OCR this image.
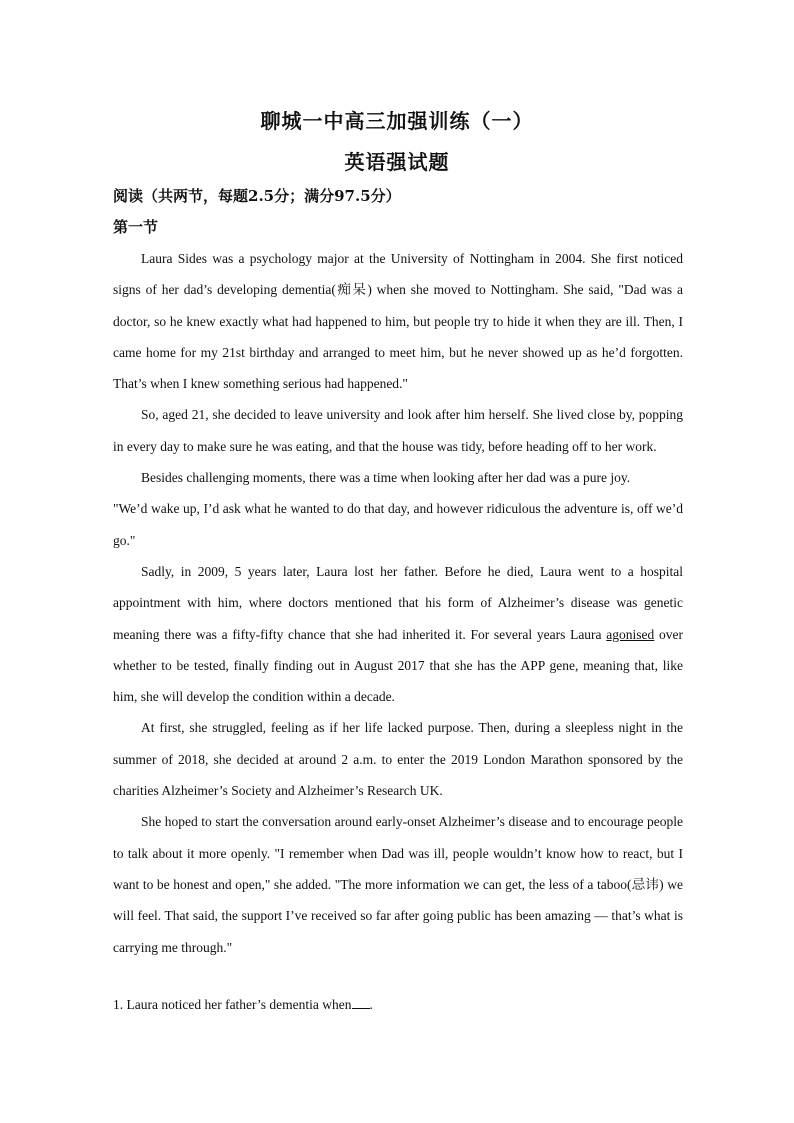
聊城一中高三加强训练（一）
英语强试题
阅读（共两节，每题2.5分；满分97.5分）
第一节

Laura Sides was a psychology major at the University of Nottingham in 2004. She first noticed signs of her dad’s developing dementia(痴呆) when she moved to Nottingham. She said, "Dad was a doctor, so he knew exactly what had happened to him, but people try to hide it when they are ill. Then, I came home for my 21st birthday and arranged to meet him, but he never showed up as he’d forgotten. That’s when I knew something serious had happened."

So, aged 21, she decided to leave university and look after him herself. She lived close by, popping in every day to make sure he was eating, and that the house was tidy, before heading off to her work.

Besides challenging moments, there was a time when looking after her dad was a pure joy.

"We’d wake up, I’d ask what he wanted to do that day, and however ridiculous the adventure is, off we’d go."

Sadly, in 2009, 5 years later, Laura lost her father. Before he died, Laura went to a hospital appointment with him, where doctors mentioned that his form of Alzheimer’s disease was genetic meaning there was a fifty-fifty chance that she had inherited it. For several years Laura agonised over whether to be tested, finally finding out in August 2017 that she has the APP gene, meaning that, like him, she will develop the condition within a decade.

At first, she struggled, feeling as if her life lacked purpose. Then, during a sleepless night in the summer of 2018, she decided at around 2 a.m. to enter the 2019 London Marathon sponsored by the charities Alzheimer’s Society and Alzheimer’s Research UK.

She hoped to start the conversation around early-onset Alzheimer’s disease and to encourage people to talk about it more openly. "I remember when Dad was ill, people wouldn’t know how to react, but I want to be honest and open," she added. "The more information we can get, the less of a taboo(忌讳) we will feel. That said, the support I’ve received so far after going public has been amazing — that’s what is carrying me through."

1. Laura noticed her father’s dementia when .
